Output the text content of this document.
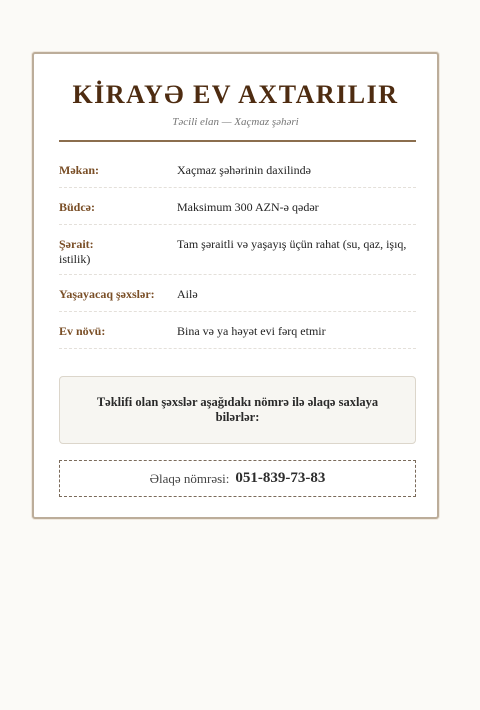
KİRAYƏ EV AXTARILIR
Təcili elan — Xaçmaz şəhəri
Məkan:	Xaçmaz şəhərinin daxilində
Büdcə:	Maksimum 300 AZN-ə qədər
Şərait:	Tam şəraitli və yaşayış üçün rahat (su, qaz, işıq, istilik)
Yaşayacaq şəxslər: Ailə
Ev növü:	Bina və ya həyət evi fərq etmir
Təklifi olan şəxslər aşağıdakı nömrə ilə əlaqə saxlaya bilərlər:
Əlaqə nömrəsi: 051-839-73-83
